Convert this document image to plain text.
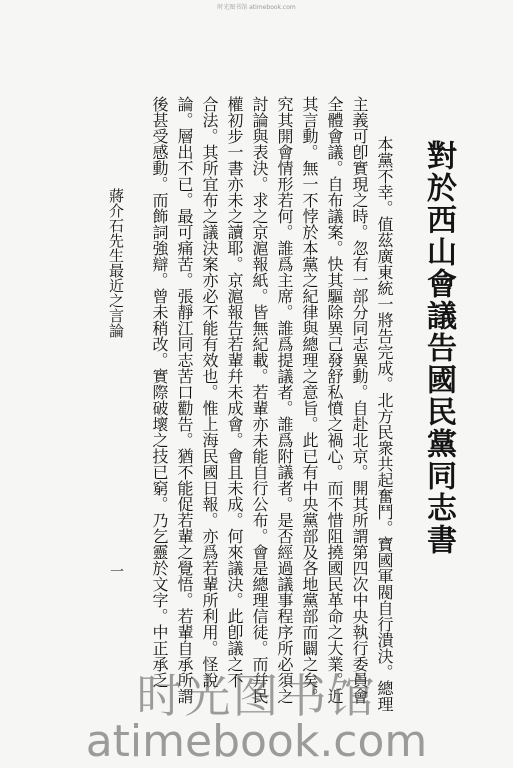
时光图书馆 atimebook.com
對於西山會議告國民黨同志書
本黨不幸。值茲廣東統一將告完成。北方民衆共起奮鬥。寶國軍閥自行潰決。總理
主義可卽實現之時。忽有一部分同志異動。自赴北京。開其所謂第四次中央執行委員會
全體會議。自布議案。快其驅除異己發舒私憤之禍心。而不惜阻撓國民革命之大業。近
其言動。無一不悖於本黨之紀律與總理之意旨。此已有中央黨部及各地黨部而闢之矣。
究其開會情形若何。誰爲主席。誰爲提議者。誰爲附議者。是否經過議事程序所必須之
討論與表決。求之京滬報紙。皆無紀載。若輩亦未能自行公布。會是總理信徒。而幷民
權初步一書亦未之讀耶。京滬報告若輩幷未成會。會且未成。何來議決。此卽議之不
合法。其所宜布之議決案亦必不能有效也。惟上海民國日報。亦爲若輩所利用。怪說
論。層出不已。最可痛苦。張靜江同志苦口勸告。猶不能促若輩之覺悟。若輩自承所謂
後甚受感動。而飾詞強辯。曾未稍改。實際破壞之技已窮。乃乞靈於文字。中正承乏
蔣介石先生最近之言論
一
时光图书馆
atimebook.com
